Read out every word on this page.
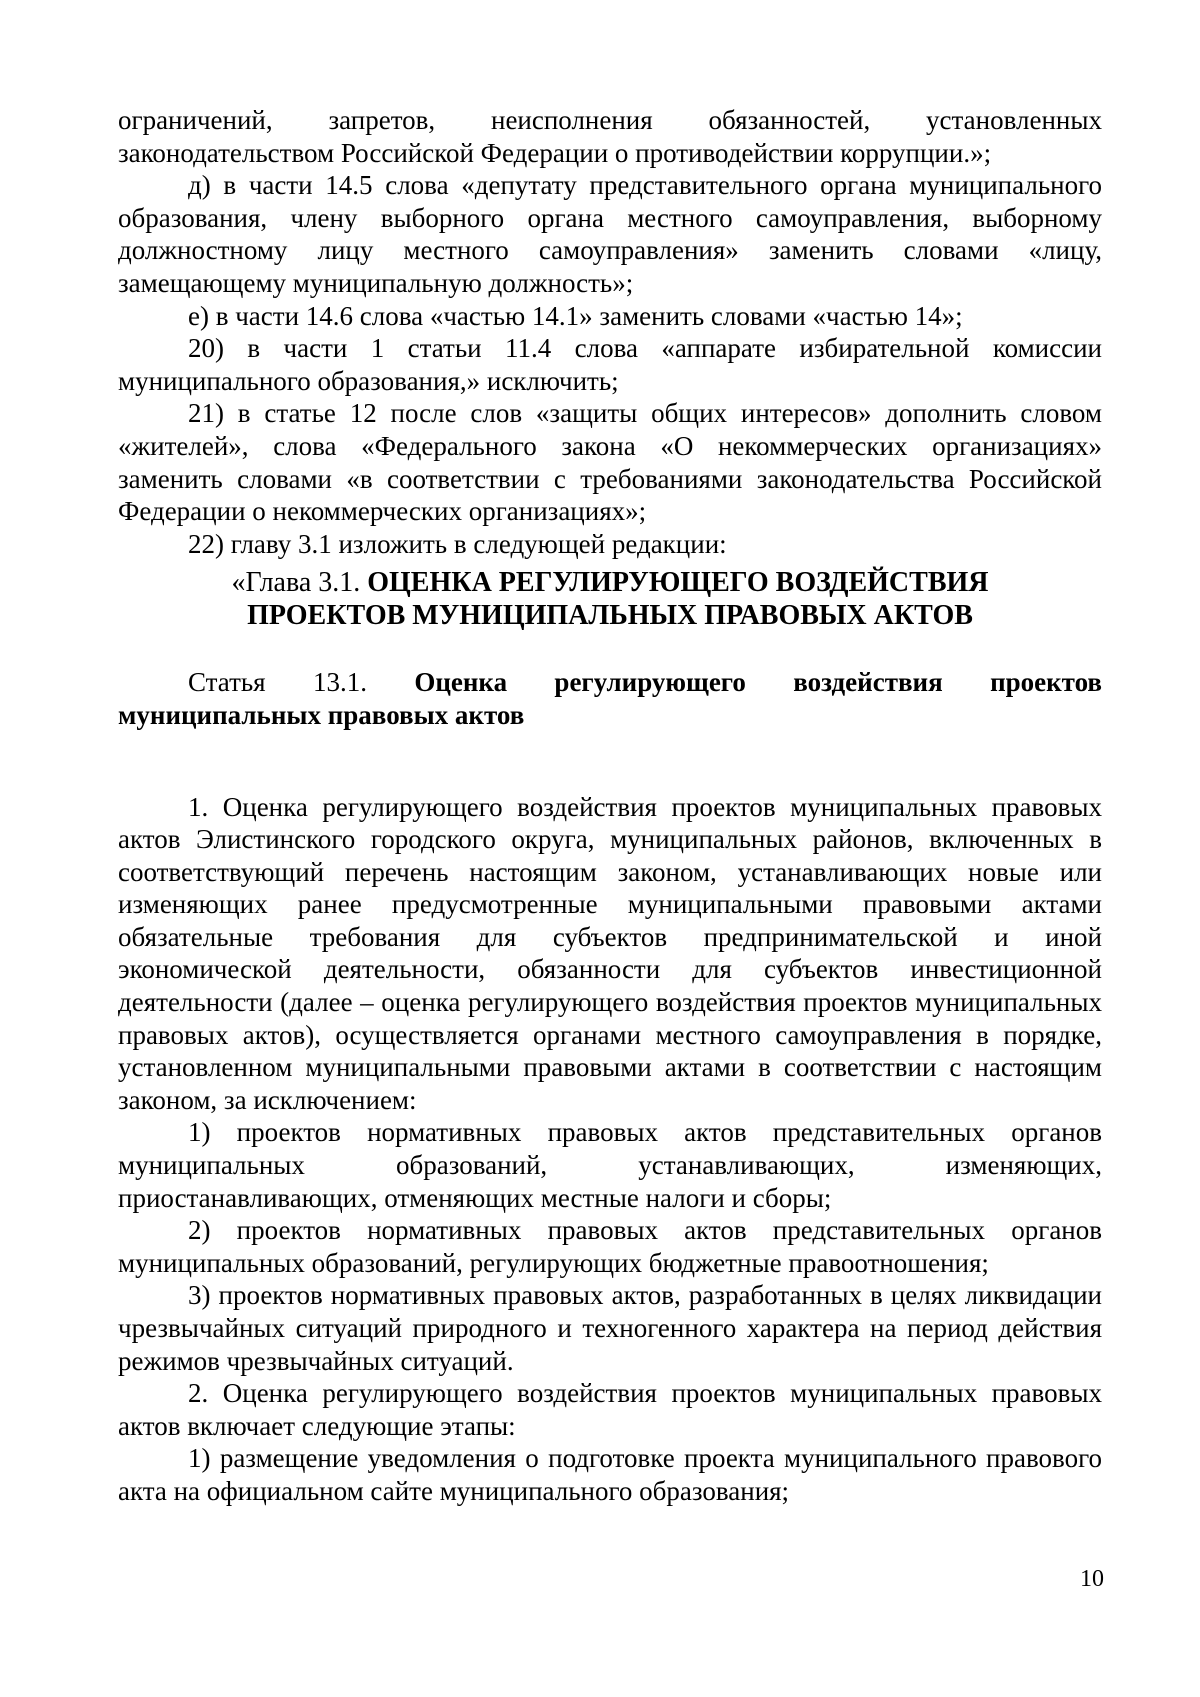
ограничений, запретов, неисполнения обязанностей, установленных законодательством Российской Федерации о противодействии коррупции.»;

д) в части 14.5 слова «депутату представительного органа муниципального образования, члену выборного органа местного самоуправления, выборному должностному лицу местного самоуправления» заменить словами «лицу, замещающему муниципальную должность»;

е) в части 14.6 слова «частью 14.1» заменить словами «частью 14»;

20) в части 1 статьи 11.4 слова «аппарате избирательной комиссии муниципального образования,» исключить;

21) в статье 12 после слов «защиты общих интересов» дополнить словом «жителей», слова «Федерального закона «О некоммерческих организациях» заменить словами «в соответствии с требованиями законодательства Российской Федерации о некоммерческих организациях»;

22) главу 3.1 изложить в следующей редакции:

«Глава 3.1. ОЦЕНКА РЕГУЛИРУЮЩЕГО ВОЗДЕЙСТВИЯ
ПРОЕКТОВ МУНИЦИПАЛЬНЫХ ПРАВОВЫХ АКТОВ

Статья 13.1. Оценка регулирующего воздействия проектов муниципальных правовых актов

1. Оценка регулирующего воздействия проектов муниципальных правовых актов Элистинского городского округа, муниципальных районов, включенных в соответствующий перечень настоящим законом, устанавливающих новые или изменяющих ранее предусмотренные муниципальными правовыми актами обязательные требования для субъектов предпринимательской и иной экономической деятельности, обязанности для субъектов инвестиционной деятельности (далее – оценка регулирующего воздействия проектов муниципальных правовых актов), осуществляется органами местного самоуправления в порядке, установленном муниципальными правовыми актами в соответствии с настоящим законом, за исключением:

1) проектов нормативных правовых актов представительных органов муниципальных образований, устанавливающих, изменяющих, приостанавливающих, отменяющих местные налоги и сборы;

2) проектов нормативных правовых актов представительных органов муниципальных образований, регулирующих бюджетные правоотношения;

3) проектов нормативных правовых актов, разработанных в целях ликвидации чрезвычайных ситуаций природного и техногенного характера на период действия режимов чрезвычайных ситуаций.

2. Оценка регулирующего воздействия проектов муниципальных правовых актов включает следующие этапы:

1) размещение уведомления о подготовке проекта муниципального правового акта на официальном сайте муниципального образования;

10
